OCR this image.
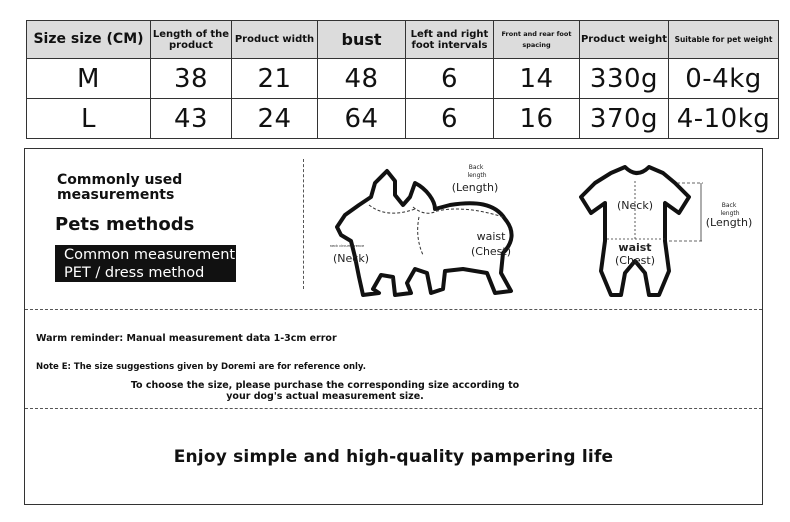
Size size (CM)	Length of the product	Product width	bust	Left and right foot intervals	Front and rear foot spacing	Product weight	Suitable for pet weight
M	38	21	48	6	14	330g	0-4kg
L	43	24	64	6	16	370g	4-10kg
Commonly used measurements
Pets methods
Common measurement
PET / dress method
Back length
(Length)
neck circumference
(Neck)
waist
(Chest)
(Neck)	Back length
(Length)
waist
(Chest)
Warm reminder: Manual measurement data 1-3cm error
Note E: The size suggestions given by Doremi are for reference only.
To choose the size, please purchase the corresponding size according to
your dog's actual measurement size.
Enjoy simple and high-quality pampering life
